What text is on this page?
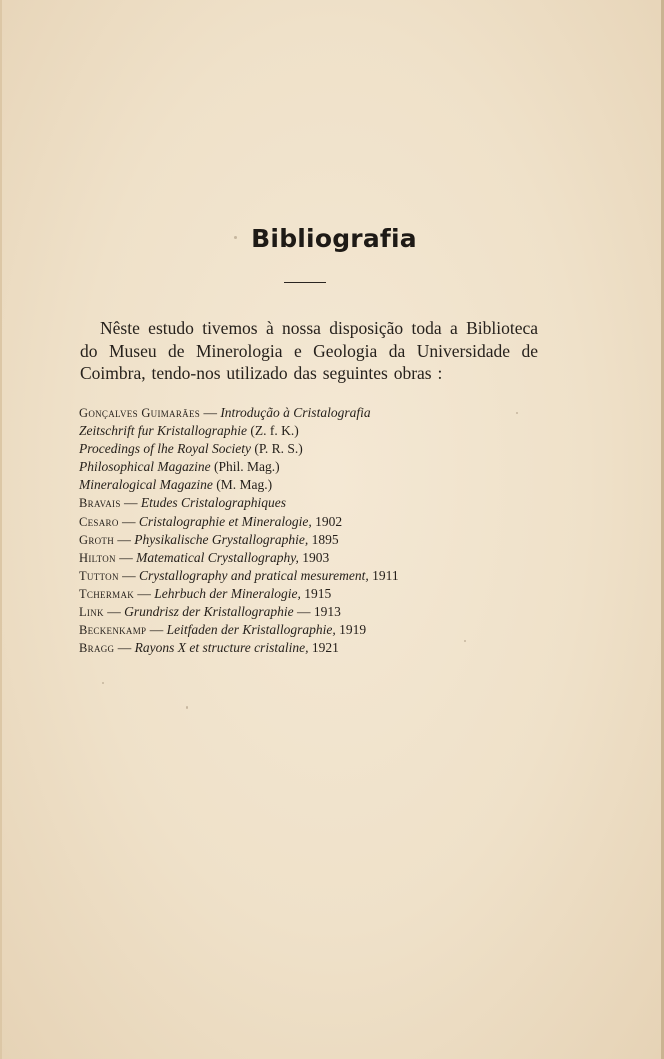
Bibliografia

Nêste estudo tivemos à nossa disposição toda a Biblioteca do Museu de Minerologia e Geologia da Universidade de Coimbra, tendo-nos utilizado das seguintes obras :

Gonçalves Guimarães — Introdução à Cristalografia
Zeitschrift fur Kristallographie (Z. f. K.)
Procedings of lhe Royal Society (P. R. S.)
Philosophical Magazine (Phil. Mag.)
Mineralogical Magazine (M. Mag.)
Bravais — Etudes Cristalographiques
Cesaro — Cristalographie et Mineralogie, 1902
Groth — Physikalische Grystallographie, 1895
Hilton — Matematical Crystallography, 1903
Tutton — Crystallography and pratical mesurement, 1911
Tchermak — Lehrbuch der Mineralogie, 1915
Link — Grundrisz der Kristallographie — 1913
Beckenkamp — Leitfaden der Kristallographie, 1919
Bragg — Rayons X et structure cristaline, 1921
